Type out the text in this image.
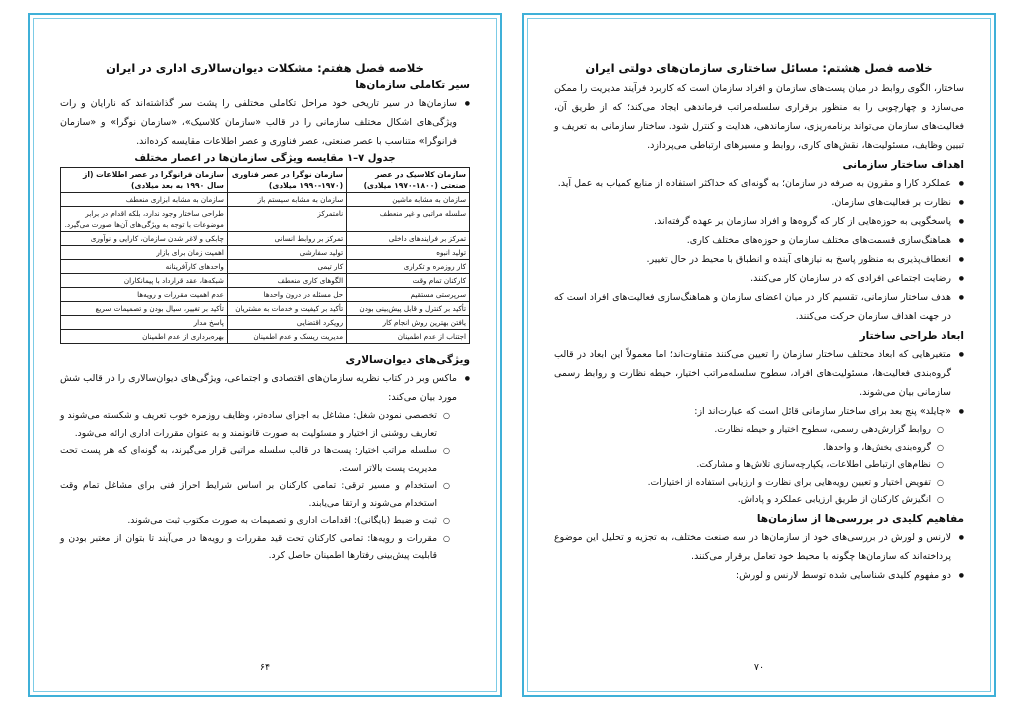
خلاصه فصل هفتم: مشکلات دیوان‌سالاری اداری در ایران
سیر تکاملی سازمان‌ها
● سازمان‌ها در سیر تاریخی خود مراحل تکاملی مختلفی را پشت سر گذاشته‌اند که نارایان و رات ویژگی‌های اشکال مختلف سازمانی را در قالب «سازمان کلاسیک»، «سازمان نوگرا» و «سازمان فرانوگرا» متناسب با عصر صنعتی، عصر فناوری و عصر اطلاعات مقایسه کرده‌اند.
جدول ۷–۱ مقایسه ویژگی سازمان‌ها در اعصار مختلف
سازمان کلاسیک در عصر صنعتی (۱۸۰۰-۱۹۷۰ میلادی)	سازمان نوگرا در عصر فناوری (۱۹۷۰-۱۹۹۰ میلادی)	سازمان فرانوگرا در عصر اطلاعات (از سال ۱۹۹۰ به بعد میلادی)
سازمان به مشابه ماشین	سازمان به مشابه سیستم باز	سازمان به مشابه ابزاری منعطف
سلسله مراتبی و غیر منعطف	نامتمرکز	طراحی ساختار وجود ندارد، بلکه اقدام در برابر موضوعات با توجه به ویژگی‌های آن‌ها صورت می‌گیرد.
تمرکز بر فرایندهای داخلی	تمرکز بر روابط انسانی	چابکی و لاغر شدن سازمان، کارایی و نوآوری
تولید انبوه	تولید سفارشی	اهمیت زمان برای بازار
کار روزمره و تکراری	کار تیمی	واحدهای کارآفرینانه
کارکنان تمام وقت	الگوهای کاری منعطف	شبکه‌ها، عقد قرارداد با پیمانکاران
سرپرستی مستقیم	حل مسئله در درون واحدها	عدم اهمیت مقررات و رویه‌ها
تأکید بر کنترل و قابل پیش‌بینی بودن	تأکید بر کیفیت و خدمات به مشتریان	تأکید بر تغییر، سیال بودن و تصمیمات سریع
یافتن بهترین روش انجام کار	رویکرد اقتضایی	پاسخ مدار
اجتناب از عدم اطمینان	مدیریت ریسک و عدم اطمینان	بهره‌برداری از عدم اطمینان
ویژگی‌های دیوان‌سالاری
● ماکس وبر در کتاب نظریه سازمان‌های اقتصادی و اجتماعی، ویژگی‌های دیوان‌سالاری را در قالب شش مورد بیان می‌کند:
○ تخصصی نمودن شغل: مشاغل به اجزای ساده‌تر، وظایف روزمره خوب تعریف و شکسته می‌شوند و تعاریف روشنی از اختیار و مسئولیت به صورت قانونمند و به عنوان مقررات اداری ارائه می‌شود.
○ سلسله مراتب اختیار: پست‌ها در قالب سلسله مراتبی قرار می‌گیرند، به گونه‌ای که هر پست تحت مدیریت پست بالاتر است.
○ استخدام و مسیر ترقی: تمامی کارکنان بر اساس شرایط احراز فنی برای مشاغل تمام وقت استخدام می‌شوند و ارتقا می‌یابند.
○ ثبت و ضبط (بایگانی): اقدامات اداری و تصمیمات به صورت مکتوب ثبت می‌شوند.
○ مقررات و رویه‌ها: تمامی کارکنان تحت قید مقررات و رویه‌ها در می‌آیند تا بتوان از معتبر بودن و قابلیت پیش‌بینی رفتارها اطمینان حاصل کرد.
۶۴
خلاصه فصل هشتم: مسائل ساختاری سازمان‌های دولتی ایران

ساختار، الگوی روابط در میان پست‌های سازمان و افراد سازمان است که کاربرد فرآیند مدیریت را ممکن می‌سازد و چهارچوبی را به منظور برقراری سلسله‌مراتب فرماندهی ایجاد می‌کند؛ که از طریق آن، فعالیت‌های سازمان می‌تواند برنامه‌ریزی، سازماندهی، هدایت و کنترل شود. ساختار سازمانی به تعریف و تبیین وظایف، مسئولیت‌ها، نقش‌های کاری، روابط و مسیرهای ارتباطی می‌پردازد.

اهداف ساختار سازمانی
● عملکرد کارا و مقرون به صرفه در سازمان؛ به گونه‌ای که حداکثر استفاده از منابع کمیاب به عمل آید.
● نظارت بر فعالیت‌های سازمان.
● پاسخگویی به حوزه‌هایی از کار که گروه‌ها و افراد سازمان بر عهده گرفته‌اند.
● هماهنگ‌سازی قسمت‌های مختلف سازمان و حوزه‌های مختلف کاری.
● انعطاف‌پذیری به منظور پاسخ به نیازهای آینده و انطباق با محیط در حال تغییر.
● رضایت اجتماعی افرادی که در سازمان کار می‌کنند.
● هدف ساختار سازمانی، تقسیم کار در میان اعضای سازمان و هماهنگ‌سازی فعالیت‌های افراد است که در جهت اهداف سازمان حرکت می‌کنند.
ابعاد طراحی ساختار
● متغیرهایی که ابعاد مختلف ساختار سازمان را تعیین می‌کنند متفاوت‌اند؛ اما معمولاً این ابعاد در قالب گروه‌بندی فعالیت‌ها، مسئولیت‌های افراد، سطوح سلسله‌مراتب اختیار، حیطه نظارت و روابط رسمی سازمانی بیان می‌شوند.
● «چایلد» پنج بعد برای ساختار سازمانی قائل است که عبارت‌اند از:
○ روابط گزارش‌دهی رسمی، سطوح اختیار و حیطه نظارت.
○ گروه‌بندی بخش‌ها، و واحدها.
○ نظام‌های ارتباطی اطلاعات، یکپارچه‌سازی تلاش‌ها و مشارکت.
○ تفویض اختیار و تعیین رویه‌هایی برای نظارت و ارزیابی استفاده از اختیارات.
○ انگیزش کارکنان از طریق ارزیابی عملکرد و پاداش.
مفاهیم کلیدی در بررسی‌ها از سازمان‌ها
● لارنس و لورش در بررسی‌های خود از سازمان‌ها در سه صنعت مختلف، به تجزیه و تحلیل این موضوع پرداخته‌اند که سازمان‌ها چگونه با محیط خود تعامل برقرار می‌کنند.
● دو مفهوم کلیدی شناسایی شده توسط لارنس و لورش:
۷۰
